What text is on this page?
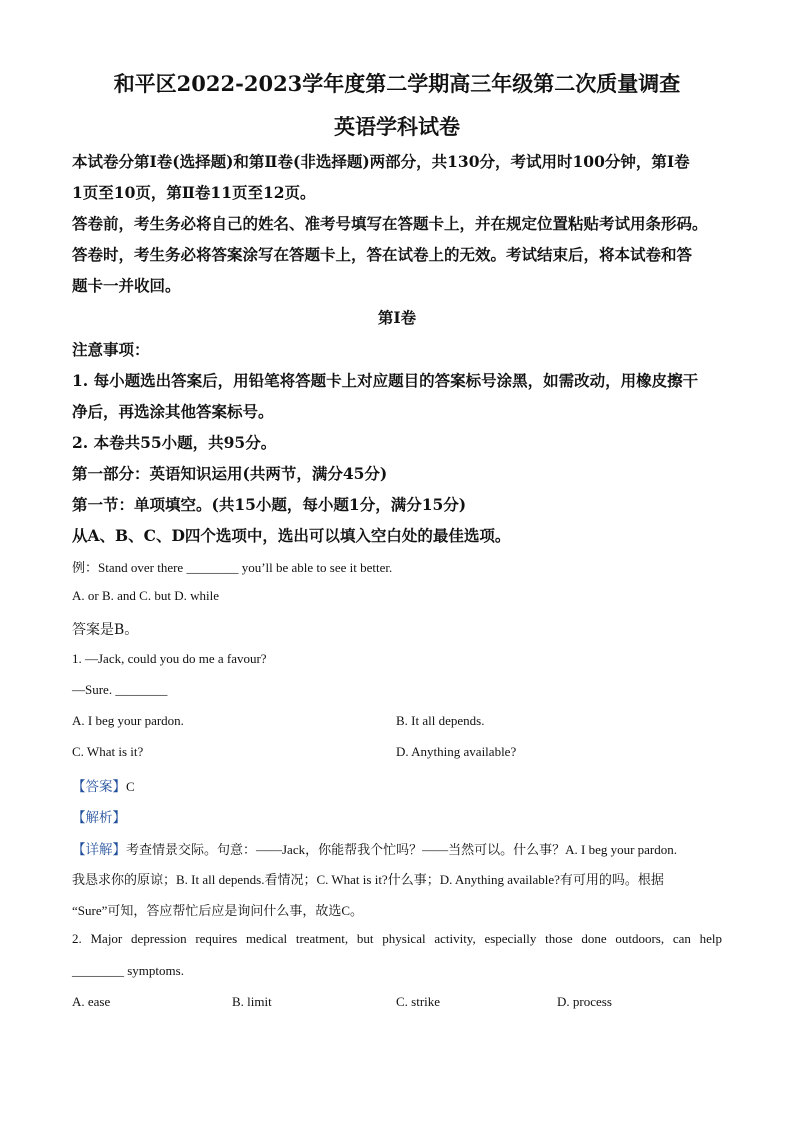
和平区2022-2023学年度第二学期高三年级第二次质量调查
英语学科试卷
本试卷分第Ⅰ卷(选择题)和第Ⅱ卷(非选择题)两部分，共130分，考试用时100分钟，第Ⅰ卷
1页至10页，第Ⅱ卷11页至12页。
答卷前，考生务必将自己的姓名、准考号填写在答题卡上，并在规定位置粘贴考试用条形码。
答卷时，考生务必将答案涂写在答题卡上，答在试卷上的无效。考试结束后，将本试卷和答
题卡一并收回。
第Ⅰ卷
注意事项：
1. 每小题选出答案后，用铅笔将答题卡上对应题目的答案标号涂黑，如需改动，用橡皮擦干
净后，再选涂其他答案标号。
2. 本卷共55小题，共95分。
第一部分：英语知识运用(共两节，满分45分)
第一节：单项填空。(共15小题，每小题1分，满分15分)
从A、B、C、D四个选项中，选出可以填入空白处的最佳选项。
例：Stand over there ________ you’ll be able to see it better.
A. or B. and C. but D. while
答案是B。
1. —Jack, could you do me a favour?
—Sure. ________
A. I beg your pardon.	B. It all depends.
C. What is it?	D. Anything available?
【答案】C
【解析】
【详解】考查情景交际。句意：——Jack，你能帮我个忙吗？——当然可以。什么事？A. I beg your pardon.
我恳求你的原谅；B. It all depends.看情况；C. What is it?什么事；D. Anything available?有可用的吗。根据
“Sure”可知，答应帮忙后应是询问什么事，故选C。
2. Major depression requires medical treatment, but physical activity, especially those done outdoors, can help
________ symptoms.
A. ease	B. limit	C. strike	D. process
